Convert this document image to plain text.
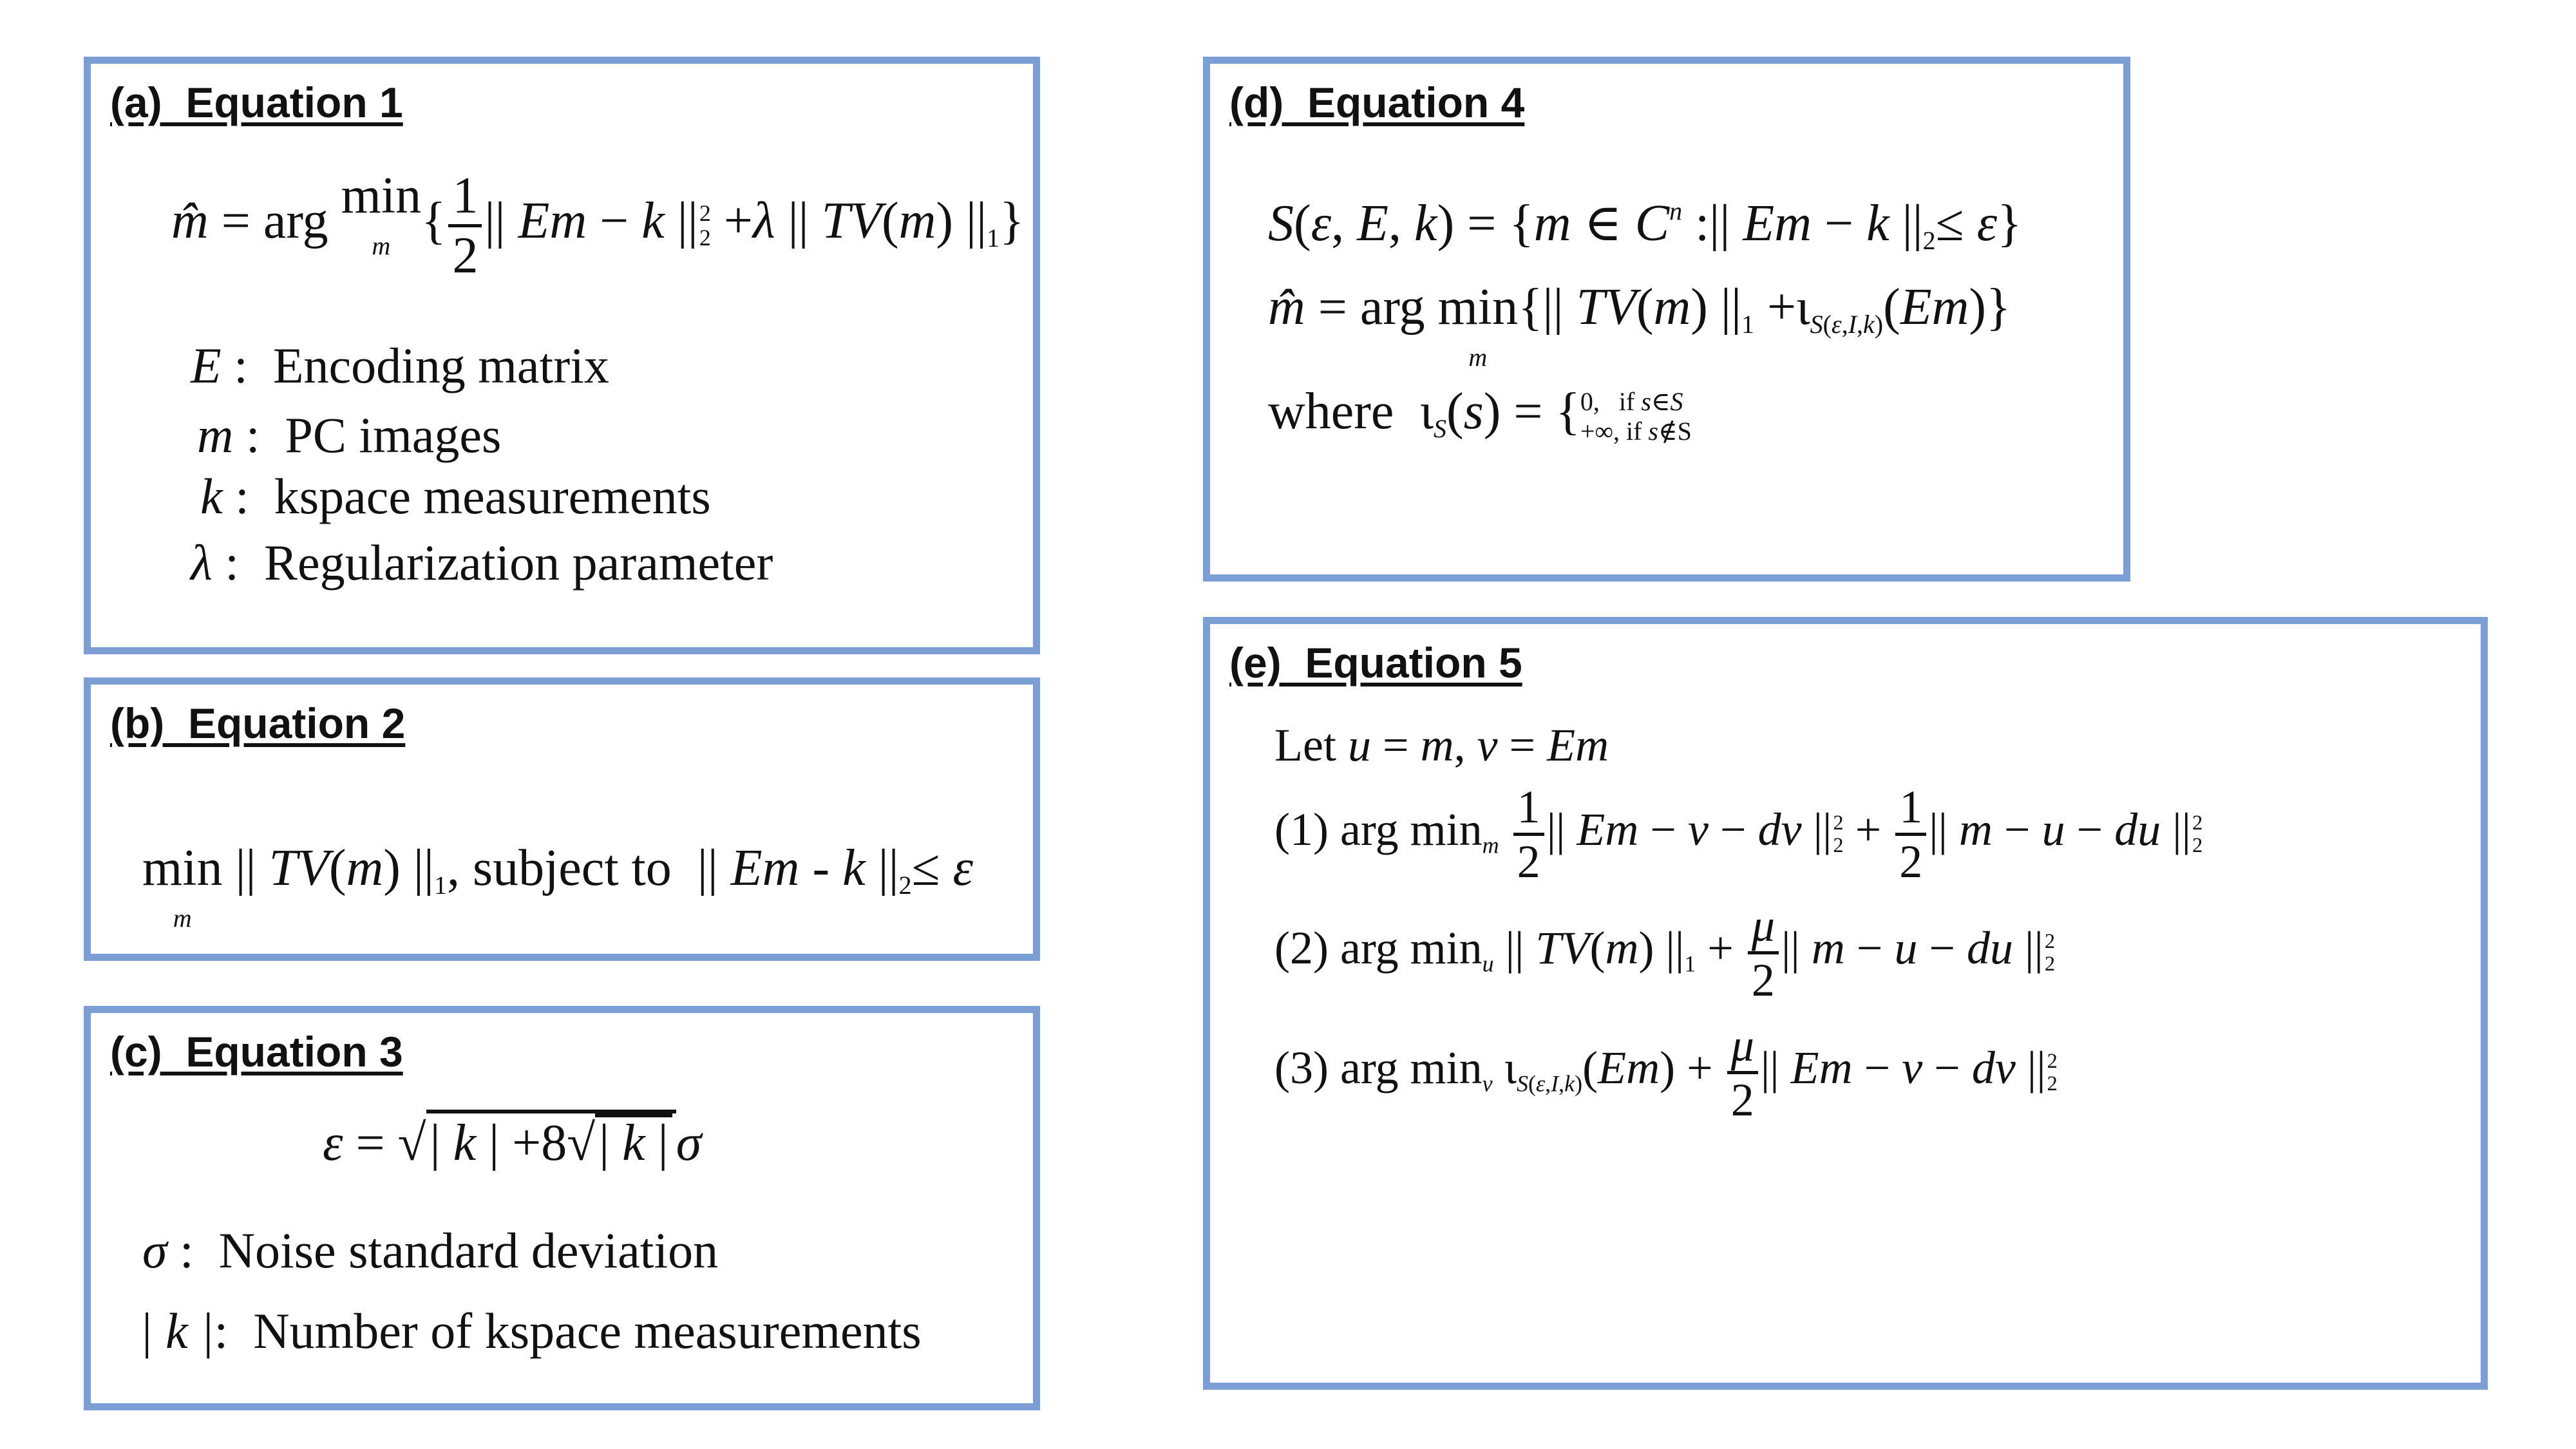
(a)  Equation 1
m̂ = arg min
m { $\frac{1}{2}$ || Em − k || 2
2 +λ || TV(m) $||_1$}
E :  Encoding matrix
m :  PC images
k :  kspace measurements
λ :  Regularization parameter
(b)  Equation 2
min
m
|| TV(m) $||_1$, subject to  || Em - k $||_2\le \varepsilon$
(c)  Equation 3
ε = √| k | +8√| k | σ
σ :  Noise standard deviation
| k |:  Number of kspace measurements
(d)  Equation 4
S(ε, E, k) = {m ∈ $C^n$ :|| Em − k $||_2\le \varepsilon$}
m̂ = arg min
m
{|| TV(m) $||_1 +\iota_{S(\varepsilon,I,k)}(Em)$}
where  $\iota_S(s)$ = { 0,   if s∈S
+∞, if s∉S
(e)  Equation 5
Let u = m, v = Em
(1) arg $\min_m \frac{1}{2}$ || Em − v − dv || 2
$2 + \frac{1}{2}$ || m − u − du || 2
2
(2) arg $\min_u$ || TV(m) $||_1 + \frac{\mu}{2}$ || m − u − du || 2
2
(3) arg $\min_v \iota_{S(\varepsilon,I,k)}(Em) + \frac{\mu}{2}$ || Em − v − dv || 2
2
